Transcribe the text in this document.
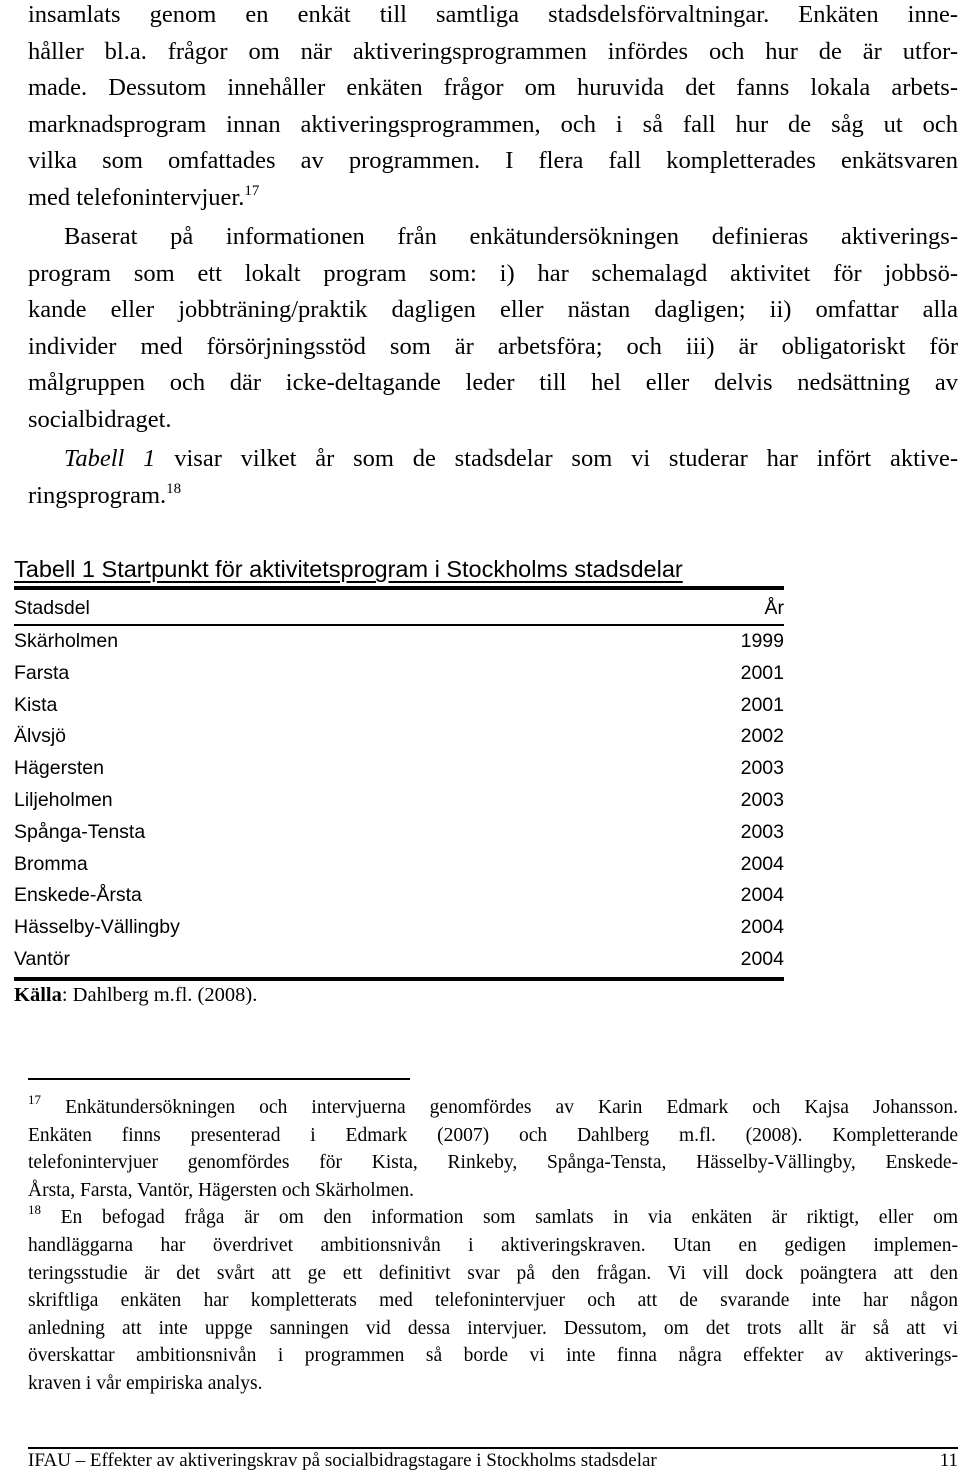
insamlats genom en enkät till samtliga stadsdelsförvaltningar. Enkäten inne-
håller bl.a. frågor om när aktiveringsprogrammen infördes och hur de är utfor-
made. Dessutom innehåller enkäten frågor om huruvida det fanns lokala arbets-
marknadsprogram innan aktiveringsprogrammen, och i så fall hur de såg ut och
vilka som omfattades av programmen. I flera fall kompletterades enkätsvaren
med telefonintervjuer.$^{17}$

Baserat på informationen från enkätundersökningen definieras aktiverings-
program som ett lokalt program som: i) har schemalagd aktivitet för jobbsö-
kande eller jobbträning/praktik dagligen eller nästan dagligen; ii) omfattar alla
individer med försörjningsstöd som är arbetsföra; och iii) är obligatoriskt för
målgruppen och där icke-deltagande leder till hel eller delvis nedsättning av
socialbidraget.

Tabell 1 visar vilket år som de stadsdelar som vi studerar har infört aktive-
ringsprogram.$^{18}$

Tabell 1 Startpunkt för aktivitetsprogram i Stockholms stadsdelar
Stadsdel	År
Skärholmen	1999
Farsta	2001
Kista	2001
Älvsjö	2002
Hägersten	2003
Liljeholmen	2003
Spånga-Tensta	2003
Bromma	2004
Enskede-Årsta	2004
Hässelby-Vällingby	2004
Vantör	2004
Källa: Dahlberg m.fl. (2008).

$^{17}$ Enkätundersökningen och intervjuerna genomfördes av Karin Edmark och Kajsa Johansson.
Enkäten finns presenterad i Edmark (2007) och Dahlberg m.fl. (2008). Kompletterande
telefonintervjuer genomfördes för Kista, Rinkeby, Spånga-Tensta, Hässelby-Vällingby, Enskede-
Årsta, Farsta, Vantör, Hägersten och Skärholmen.

$^{18}$ En befogad fråga är om den information som samlats in via enkäten är riktigt, eller om
handläggarna har överdrivet ambitionsnivån i aktiveringskraven. Utan en gedigen implemen-
teringsstudie är det svårt att ge ett definitivt svar på den frågan. Vi vill dock poängtera att den
skriftliga enkäten har kompletterats med telefonintervjuer och att de svarande inte har någon
anledning att inte uppge sanningen vid dessa intervjuer. Dessutom, om det trots allt är så att vi
överskattar ambitionsnivån i programmen så borde vi inte finna några effekter av aktiverings-
kraven i vår empiriska analys.

IFAU – Effekter av aktiveringskrav på socialbidragstagare i Stockholms stadsdelar	11
